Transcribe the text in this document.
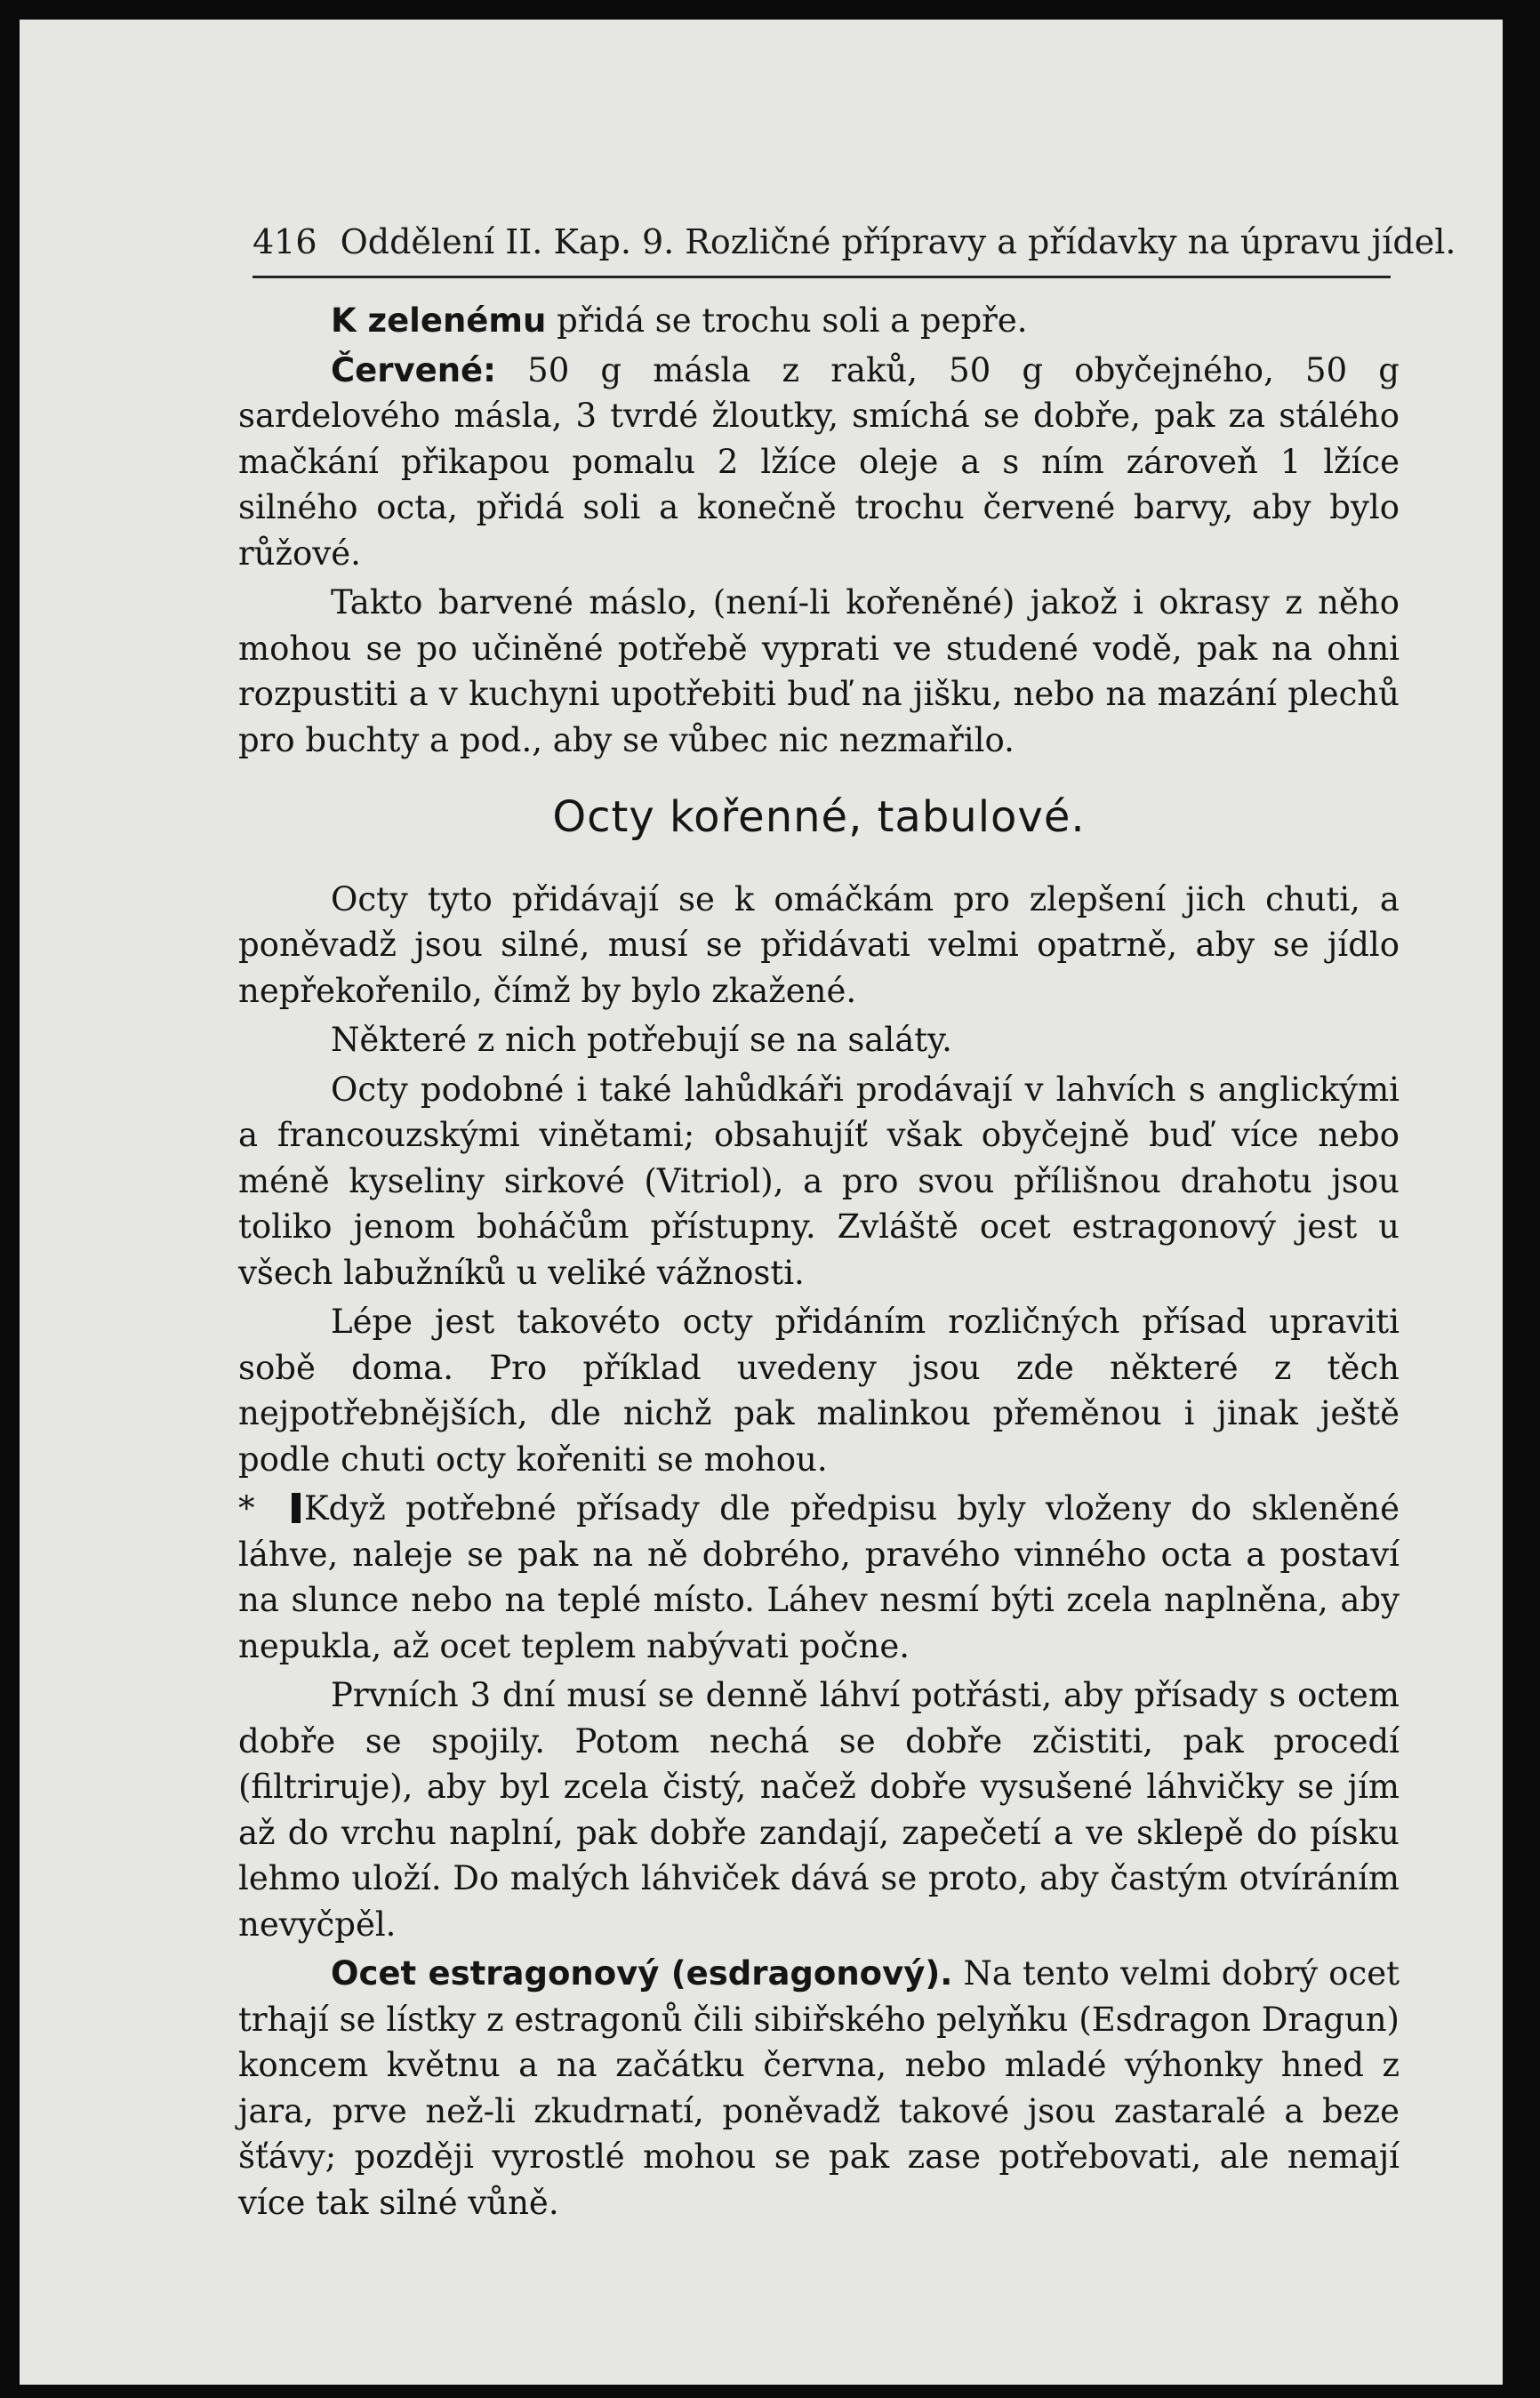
416 Oddělení II. Kap. 9. Rozličné přípravy a přídavky na úpravu jídel.

K zelenému přidá se trochu soli a pepře.

Červené: 50 g másla z raků, 50 g obyčejného, 50 g sardelového másla, 3 tvrdé žloutky, smíchá se dobře, pak za stálého mačkání přikapou pomalu 2 lžíce oleje a s ním zároveň 1 lžíce silného octa, přidá soli a konečně trochu červené barvy, aby bylo růžové.

Takto barvené máslo, (není-li kořeněné) jakož i okrasy z něho mohou se po učiněné potřebě vyprati ve studené vodě, pak na ohni rozpustiti a v kuchyni upotřebiti buď na jišku, nebo na mazání plechů pro buchty a pod., aby se vůbec nic nezmařilo.

Octy kořenné, tabulové.

Octy tyto přidávají se k omáčkám pro zlepšení jich chuti, a poněvadž jsou silné, musí se přidávati velmi opatrně, aby se jídlo nepřekořenilo, čímž by bylo zkažené.

Některé z nich potřebují se na saláty.

Octy podobné i také lahůdkáři prodávají v lahvích s anglickými a francouzskými vinětami; obsahujíť však obyčejně buď více nebo méně kyseliny sirkové (Vitriol), a pro svou přílišnou drahotu jsou toliko jenom boháčům přístupny. Zvláště ocet estragonový jest u všech labužníků u veliké vážnosti.

Lépe jest takovéto octy přidáním rozličných přísad upraviti sobě doma. Pro příklad uvedeny jsou zde některé z těch nejpotřebnějších, dle nichž pak malinkou přeměnou i jinak ještě podle chuti octy kořeniti se mohou.

* Když potřebné přísady dle předpisu byly vloženy do skleněné láhve, naleje se pak na ně dobrého, pravého vinného octa a postaví na slunce nebo na teplé místo. Láhev nesmí býti zcela naplněna, aby nepukla, až ocet teplem nabývati počne.

Prvních 3 dní musí se denně láhví potřásti, aby přísady s octem dobře se spojily. Potom nechá se dobře zčistiti, pak procedí (filtriruje), aby byl zcela čistý, načež dobře vysušené láhvičky se jím až do vrchu naplní, pak dobře zandají, zapečetí a ve sklepě do písku lehmo uloží. Do malých láhviček dává se proto, aby častým otvíráním nevyčpěl.

Ocet estragonový (esdragonový). Na tento velmi dobrý ocet trhají se lístky z estragonů čili sibiřského pelyňku (Esdragon Dragun) koncem květnu a na začátku června, nebo mladé výhonky hned z jara, prve než-li zkudrnatí, poněvadž takové jsou zastaralé a beze šťávy; později vyrostlé mohou se pak zase potřebovati, ale nemají více tak silné vůně.
